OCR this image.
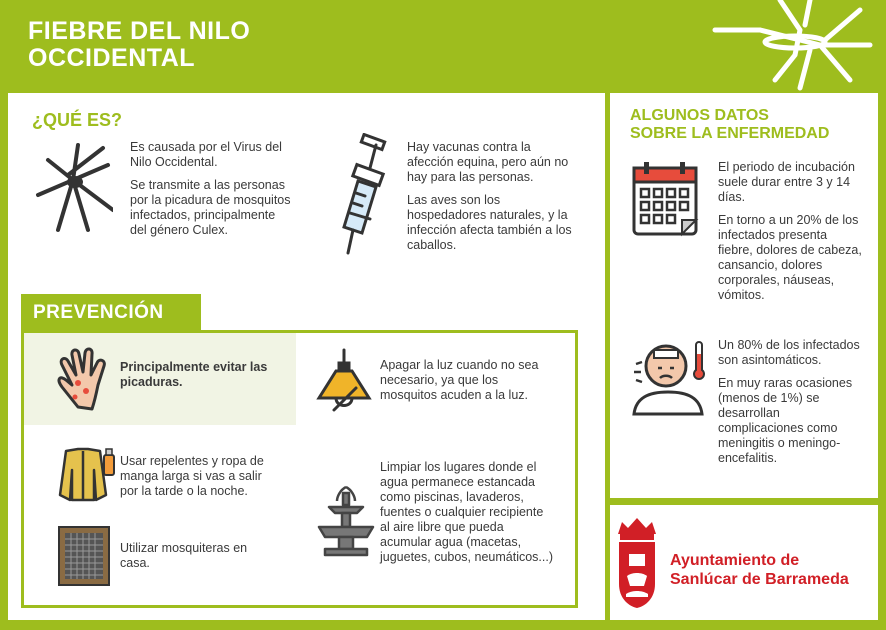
FIEBRE DEL NILO
OCCIDENTAL
¿QUÉ ES?

Es causada por el Virus del Nilo Occidental.

Se transmite a las personas por la picadura de mosquitos infectados, principalmente del género Culex.

Hay vacunas contra la afección equina, pero aún no hay para las personas.

Las aves son los hospedadores naturales, y la infección afecta también a los caballos.

PREVENCIÓN
Principalmente evitar las picaduras.
Usar repelentes y ropa de manga larga si vas a salir por la tarde o la noche.
Utilizar mosquiteras en casa.
Apagar la luz cuando no sea necesario, ya que los mosquitos acuden a la luz.
Limpiar los lugares donde el agua permanece estancada como piscinas, lavaderos, fuentes o cualquier recipiente al aire libre que pueda acumular agua (macetas, juguetes, cubos, neumáticos...)
ALGUNOS DATOS
SOBRE LA ENFERMEDAD

El periodo de incubación suele durar entre 3 y 14 días.

En torno a un 20% de los infectados presenta fiebre, dolores de cabeza, cansancio, dolores corporales, náuseas, vómitos.

Un 80% de los infectados son asintomáticos.

En muy raras ocasiones (menos de 1%) se desarrollan complicaciones como meningitis o meningo-encefalitis.

Ayuntamiento de
Sanlúcar de Barrameda
